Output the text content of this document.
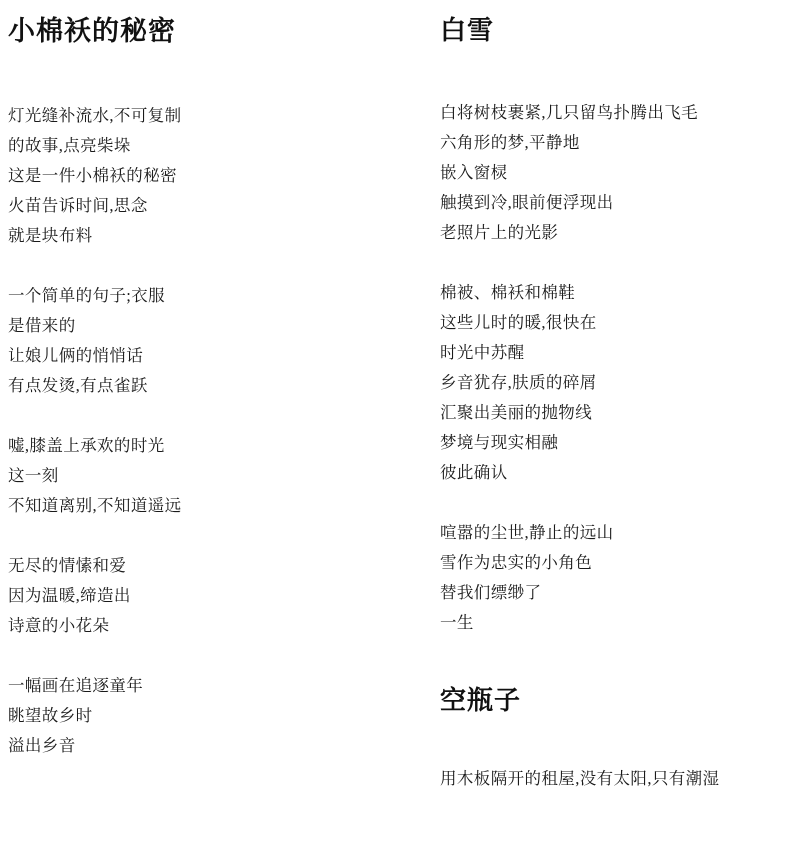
小棉袄的秘密
灯光缝补流水,不可复制
的故事,点亮柴垛
这是一件小棉袄的秘密
火苗告诉时间,思念
就是块布料
一个简单的句子;衣服
是借来的
让娘儿俩的悄悄话
有点发烫,有点雀跃
嘘,膝盖上承欢的时光
这一刻
不知道离别,不知道遥远
无尽的情愫和爱
因为温暖,缔造出
诗意的小花朵
一幅画在追逐童年
眺望故乡时
溢出乡音
白雪
白将树枝裹紧,几只留鸟扑腾出飞毛
六角形的梦,平静地
嵌入窗棂
触摸到冷,眼前便浮现出
老照片上的光影
棉被、棉袄和棉鞋
这些儿时的暖,很快在
时光中苏醒
乡音犹存,肤质的碎屑
汇聚出美丽的抛物线
梦境与现实相融
彼此确认
喧嚣的尘世,静止的远山
雪作为忠实的小角色
替我们缥缈了
一生
空瓶子
用木板隔开的租屋,没有太阳,只有潮湿
